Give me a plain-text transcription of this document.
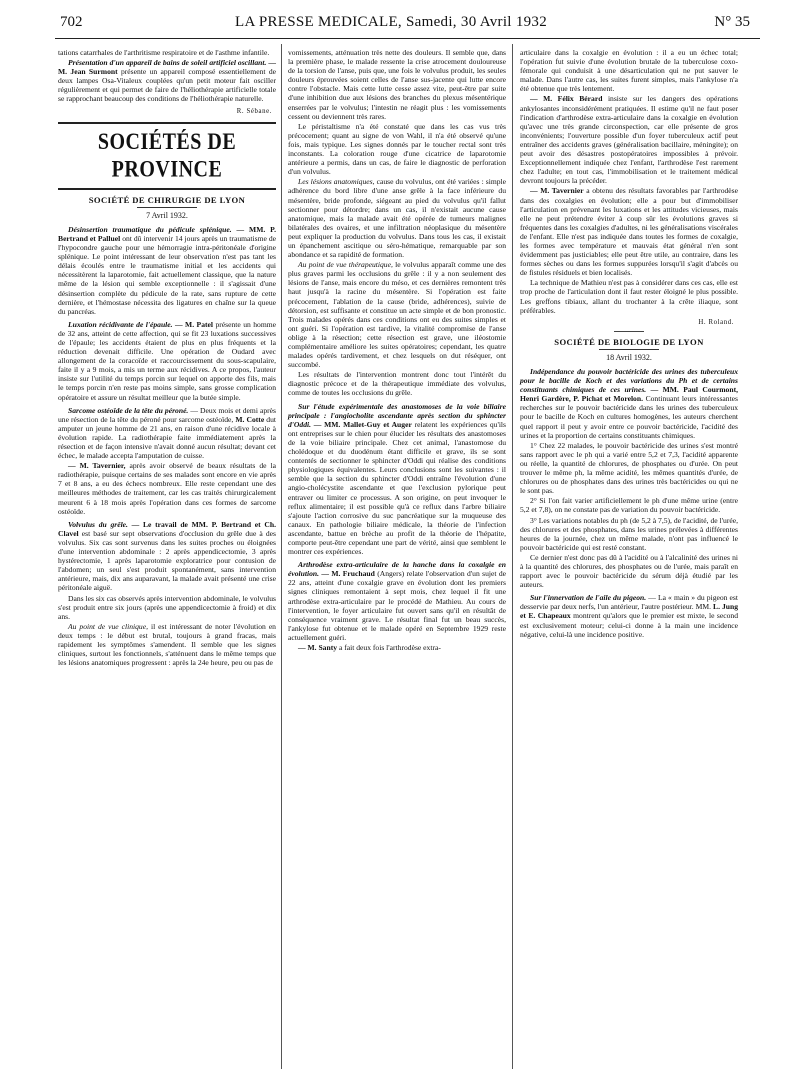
702	LA PRESSE MEDICALE, Samedi, 30 Avril 1932	N° 35

tations catarrhales de l'arthritisme respiratoire et de l'asthme infantile.

Présentation d'un appareil de bains de soleil artificiel oscillant. — M. Jean Surmont présente un appareil composé essentiellement de deux lampes Osa-Vitaleux couplées qu'un petit moteur fait osciller régulièrement et qui permet de faire de l'héliothérapie artificielle totale se rapprochant beaucoup des conditions de l'héliothérapie naturelle.

R. Sébane.

SOCIÉTÉS DE PROVINCE

SOCIÉTÉ DE CHIRURGIE DE LYON

7 Avril 1932.

Désinsertion traumatique du pédicule splénique. — MM. P. Bertrand et Palluel ont dû intervenir 14 jours après un traumatisme de l'hypocondre gauche pour une hémorragie intra-péritonéale d'origine splénique. Le point intéressant de leur observation n'est pas tant les délais écoulés entre le traumatisme initial et les accidents qui nécessitèrent la laparotomie, fait actuellement classique, que la nature même de la lésion qui semble exceptionnelle : il s'agissait d'une désinsertion complète du pédicule de la rate, sans rupture de cette dernière, et l'hémostase nécessita des ligatures en chaîne sur la queue du pancréas.

Luxation récidivante de l'épaule. — M. Patel présente un homme de 32 ans, atteint de cette affection, qui se fit 23 luxations successives de l'épaule; les accidents étaient de plus en plus fréquents et la réduction devenait difficile. Une opération de Oudard avec allongement de la coracoïde et raccourcissement du sous-scapulaire, faite il y a 9 mois, a mis un terme aux récidives. A ce propos, l'auteur insiste sur l'utilité du temps porcin sur lequel on apporte des fils, mais le temps porcin n'en reste pas moins simple, sans grosse complication opératoire et assure un résultat meilleur que la butée simple.

Sarcome ostéoïde de la tête du péroné. — Deux mois et demi après une résection de la tête du péroné pour sarcome ostéoïde, M. Cotte dut amputer un jeune homme de 21 ans, en raison d'une récidive locale à évolution rapide. La radiothérapie faite immédiatement après la résection et de façon intensive n'avait donné aucun résultat; devant cet échec, le malade accepta l'amputation de cuisse.

— M. Tavernier, après avoir observé de beaux résultats de la radiothérapie, puisque certains de ses malades sont encore en vie après 7 et 8 ans, a eu des échecs nombreux. Elle reste cependant une des meilleures méthodes de traitement, car les cas traités chirurgicalement meurent 6 à 18 mois après l'opération dans ces formes de sarcome ostéoïde.

Volvulus du grêle. — Le travail de MM. P. Bertrand et Ch. Clavel est basé sur sept observations d'occlusion du grêle due à des volvulus. Six cas sont survenus dans les suites proches ou éloignées d'une intervention abdominale : 2 après appendicectomie, 3 après hystérectomie, 1 après laparotomie exploratrice pour contusion de l'abdomen; un seul s'est produit spontanément, sans intervention antérieure, mais, dix ans auparavant, la malade avait présenté une crise péritonéale aiguë.

Dans les six cas observés après intervention abdominale, le volvulus s'est produit entre six jours (après une appendicectomie à froid) et dix ans.

Au point de vue clinique, il est intéressant de noter l'évolution en deux temps : le début est brutal, toujours à grand fracas, mais rapidement les symptômes s'amendent. Il semble que les signes cliniques, surtout les fonctionnels, s'atténuent dans le même temps que les lésions anatomiques progressent : après la 24e heure, peu ou pas de

vomissements, atténuation très nette des douleurs. Il semble que, dans la première phase, le malade ressente la crise atrocement douloureuse de la torsion de l'anse, puis que, une fois le volvulus produit, les seules douleurs éprouvées soient celles de l'anse sus-jacente qui lutte encore contre l'obstacle. Mais cette lutte cesse assez vite, peut-être par suite d'une inhibition due aux lésions des branches du plexus mésentérique enserrées par le volvulus; l'intestin ne réagit plus : les vomissements cessent ou deviennent très rares.

Le péristaltisme n'a été constaté que dans les cas vus très précocement; quant au signe de von Wahl, il n'a été observé qu'une fois, mais typique. Les signes donnés par le toucher rectal sont très inconstants. La coloration rouge d'une cicatrice de laparotomie antérieure a permis, dans un cas, de faire le diagnostic de perforation d'un volvulus.

Les lésions anatomiques, cause du volvulus, ont été variées : simple adhérence du bord libre d'une anse grêle à la face inférieure du mésentère, bride profonde, siégeant au pied du volvulus qu'il fallut sectionner pour détordre; dans un cas, il n'existait aucune cause anatomique, mais la malade avait été opérée de tumeurs malignes bilatérales des ovaires, et une infiltration néoplasique du mésentère peut expliquer la production du volvulus. Dans tous les cas, il existait un épanchement ascitique ou séro-hématique, remarquable par son abondance et sa rapidité de formation.

Au point de vue thérapeutique, le volvulus apparaît comme une des plus graves parmi les occlusions du grêle : il y a non seulement des lésions de l'anse, mais encore du méso, et ces dernières remontent très haut jusqu'à la racine du mésentère. Si l'opération est faite précocement, l'ablation de la cause (bride, adhérences), suivie de détorsion, est suffisante et constitue un acte simple et de bon pronostic. Trois malades opérés dans ces conditions ont eu des suites simples et ont guéri. Si l'opération est tardive, la vitalité compromise de l'anse oblige à la résection; cette résection est grave, une iléostomie complémentaire améliore les suites opératoires; cependant, les quatre malades opérés tardivement, et chez lesquels on dut réséquer, ont succombé.

Les résultats de l'intervention montrent donc tout l'intérêt du diagnostic précoce et de la thérapeutique immédiate des volvulus, comme de toutes les occlusions du grêle.

Sur l'étude expérimentale des anastomoses de la voie biliaire principale : l'angiocholite ascendante après section du sphincter d'Oddi. — MM. Mallet-Guy et Auger relatent les expériences qu'ils ont entreprises sur le chien pour élucider les résultats des anastomoses de la voie biliaire principale. Chez cet animal, l'anastomose du cholédoque et du duodénum étant difficile et grave, ils se sont contentés de sectionner le sphincter d'Oddi qui réalise des conditions physiologiques équivalentes. Leurs conclusions sont les suivantes : il semble que la section du sphincter d'Oddi entraîne l'évolution d'une angio-cholécystite ascendante et que l'exclusion pylorique peut entraver ou limiter ce processus. A son origine, on peut invoquer le reflux alimentaire; il est possible qu'à ce reflux dans l'arbre biliaire s'ajoute l'action corrosive du suc pancréatique sur la muqueuse des canaux. En pathologie biliaire médicale, la théorie de l'infection ascendante, battue en brèche au profit de la théorie de l'hépatite, comporte peut-être cependant une part de vérité, ainsi que semblent le montrer ces expériences.

Arthrodèse extra-articulaire de la hanche dans la coxalgie en évolution. — M. Fruchaud (Angers) relate l'observation d'un sujet de 22 ans, atteint d'une coxalgie grave en évolution dont les premiers signes cliniques remontaient à sept mois, chez lequel il fit une arthrodèse extra-articulaire par le procédé de Mathieu. Au cours de l'intervention, le foyer articulaire fut ouvert sans qu'il en résultât de conséquence vraiment grave. Le résultat final fut un beau succès, l'ankylose fut obtenue et le malade opéré en Septembre 1929 reste actuellement guéri.

— M. Santy a fait deux fois l'arthrodèse extra-

articulaire dans la coxalgie en évolution : il a eu un échec total; l'opération fut suivie d'une évolution brutale de la tuberculose coxo-fémorale qui conduisit à une désarticulation qui ne put sauver le malade. Dans l'autre cas, les suites furent simples, mais l'ankylose n'a été obtenue que très lentement.

— M. Félix Bérard insiste sur les dangers des opérations ankylosantes inconsidérément pratiquées. Il estime qu'il ne faut poser l'indication d'arthrodèse extra-articulaire dans la coxalgie en évolution qu'avec une très grande circonspection, car elle présente de gros inconvénients; l'ouverture possible d'un foyer tuberculeux actif peut entraîner des accidents graves (généralisation bacillaire, méningite); on peut avoir des désastres postopératoires impossibles à prévoir. Exceptionnellement indiquée chez l'enfant, l'arthrodèse l'est rarement chez l'adulte; en tout cas, l'immobilisation et le traitement médical devront toujours la précéder.

— M. Tavernier a obtenu des résultats favorables par l'arthrodèse dans des coxalgies en évolution; elle a pour but d'immobiliser l'articulation en prévenant les luxations et les attitudes vicieuses, mais elle ne peut prétendre éviter à coup sûr les évolutions graves si fréquentes dans les coxalgies d'adultes, ni les généralisations viscérales de l'enfant. Elle n'est pas indiquée dans toutes les formes de coxalgie, les formes avec température et mauvais état général n'en sont évidemment pas justiciables; elle peut être utile, au contraire, dans les formes sèches ou dans les formes suppurées lorsqu'il s'agit d'abcès ou de fistules résiduels et bien localisés.

La technique de Mathieu n'est pas à considérer dans ces cas, elle est trop proche de l'articulation dont il faut rester éloigné le plus possible. Les greffons tibiaux, allant du trochanter à la crête iliaque, sont préférables.

H. Roland.

SOCIÉTÉ DE BIOLOGIE DE LYON

18 Avril 1932.

Indépendance du pouvoir bactéricide des urines des tuberculeux pour le bacille de Koch et des variations du Ph et de certains constituants chimiques de ces urines. — MM. Paul Courmont, Henri Gardère, P. Pichat et Morelon. Continuant leurs intéressantes recherches sur le pouvoir bactéricide dans les urines des tuberculeux pour le bacille de Koch en cultures homogènes, les auteurs cherchent quel rapport il peut y avoir entre ce pouvoir bactéricide, l'acidité des urines et la proportion de certains constituants chimiques.

1° Chez 22 malades, le pouvoir bactéricide des urines s'est montré sans rapport avec le ph qui a varié entre 5,2 et 7,3, l'acidité apparente ou réelle, la quantité de chlorures, de phosphates ou d'urée. On peut trouver le même ph, la même acidité, les mêmes quantités d'urée, de chlorures ou de phosphates dans des urines très bactéricides ou qui ne le sont pas.

2° Si l'on fait varier artificiellement le ph d'une même urine (entre 5,2 et 7,8), on ne constate pas de variation du pouvoir bactéricide.

3° Les variations notables du ph (de 5,2 à 7,5), de l'acidité, de l'urée, des chlorures et des phosphates, dans les urines prélevées à différentes heures de la journée, chez un même malade, n'ont pas influencé le pouvoir bactéricide qui est resté constant.

Ce dernier n'est donc pas dû à l'acidité ou à l'alcalinité des urines ni à la quantité des chlorures, des phosphates ou de l'urée, mais paraît en rapport avec le pouvoir bactéricide du sérum déjà étudié par les auteurs.

Sur l'innervation de l'aile du pigeon. — La « main » du pigeon est desservie par deux nerfs, l'un antérieur, l'autre postérieur. MM. L. Jung et E. Chapeaux montrent qu'alors que le premier est mixte, le second est exclusivement moteur; celui-ci donne à la main une incidence négative, celui-là une incidence positive.
